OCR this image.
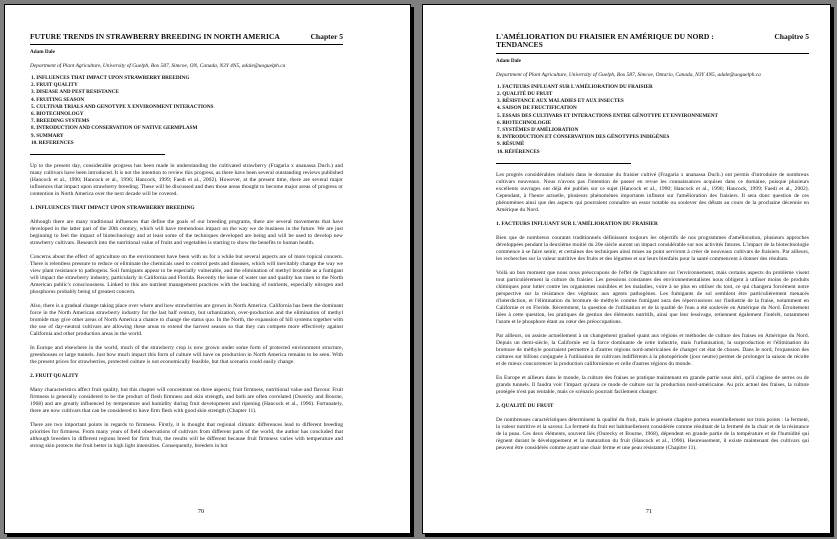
FUTURE TRENDS IN STRAWBERRY BREEDING IN NORTH AMERICA	Chapter 5
Adam Dale
Department of Plant Agriculture, University of Guelph, Box 587, Simcoe, ON, Canada, N3Y 4N5, adale@uoguelph.ca
1. INFLUENCES THAT IMPACT UPON STRAWBERRY BREEDING
2. FRUIT QUALITY
3. DISEASE AND PEST RESISTANCE
4. FRUITING SEASON
5. CULTIVAR TRIALS AND GENOTYPE X ENVIRONMENT INTERACTIONS
6. BIOTECHNOLOGY
7. BREEDING SYSTEMS
8. INTRODUCTION AND CONSERVATION OF NATIVE GERMPLASM
9. SUMMARY
10. REFERENCES

Up to the present day, considerable progress has been made in understanding the cultivated strawberry (Fragaria x ananassa Duch.) and many cultivars have been introduced. It is not the intention to review this progress, as there have been several outstanding reviews published (Hancock et al., 1990; Hancock et al., 1996; Hancock, 1999; Faedi et al., 2002). However, at the present time, there are several major influences that impact upon strawberry breeding. These will be discussed and then those areas thought to become major areas of progress or contention in North America over the next decade will be covered.

1. INFLUENCES THAT IMPACT UPON STRAWBERRY BREEDING

Although there are many traditional influences that define the goals of our breeding programs, there are several movements that have developed in the latter part of the 20th century, which will have tremendous impact on the way we do business in the future. We are just beginning to feel the impact of biotechnology and at least some of the techniques developed are being and will be used to develop new strawberry cultivars. Research into the nutritional value of fruits and vegetables is starting to show the benefits to human health.

Concerns about the effect of agriculture on the environment have been with us for a while but several aspects are of more topical concern. There is relentless pressure to reduce or eliminate the chemicals used to control pests and diseases, which will inevitably change the way we view plant resistance to pathogens. Soil fumigants appear to be especially vulnerable, and the elimination of methyl bromide as a fumigant will impact the strawberry industry, particularly in California and Florida. Recently the issue of water use and quality has risen to the North American public's consciousness. Linked to this are nutrient management practices with the leaching of nutrients, especially nitrogen and phosphorus probably being of greatest concern.

Also, there is a gradual change taking place over where and how strawberries are grown in North America. California has been the dominant force in the North American strawberry industry for the last half century, but urbanization, over-production and the elimination of methyl bromide may give other areas of North America a chance to change the status quo. In the North, the expansion of hill systems together with the use of day-neutral cultivars are allowing these areas to extend the harvest season so that they can compete more effectively against California and other production areas in the world.

In Europe and elsewhere in the world, much of the strawberry crop is now grown under some form of protected environment structure, greenhouses or large tunnels. Just how much impact this form of culture will have on production in North America remains to be seen. With the present prices for strawberries, protected culture is not economically feasible, but that scenario could easily change.

2. FRUIT QUALITY

Many characteristics affect fruit quality, but this chapter will concentrate on three aspects; fruit firmness, nutritional value and flavour. Fruit firmness is generally considered to be the product of flesh firmness and skin strength, and both are often correlated (Ourecky and Bourne, 1968) and are greatly influenced by temperature and humidity during fruit development and ripening (Hancock et al., 1996). Fortunately, there are now cultivars that can be considered to have firm flesh with good skin strength (Chapter 11).

There are two important points in regards to firmness. Firstly, it is thought that regional climatic differences lead to different breeding priorities for firmness. From many years of field observations of cultivars from different parts of the world, the author has concluded that although breeders in different regions breed for firm fruit, the results will be different because fruit firmness varies with temperature and strong skin protects the fruit better in high light intensities. Consequently, breeders in hot

70
L'AMÉLIORATION DU FRAISIER EN AMÉRIQUE DU NORD : TENDANCES
Chapitre 5
Adam Dale
Department of Plant Agriculture, University of Guelph, Box 587, Simcoe, Ontario, Canada, N3Y 4N5, adale@uoguelph.ca
1. FACTEURS INFLUANT SUR L'AMÉLIORATION DU FRAISIER
2. QUALITÉ DU FRUIT
3. RÉSISTANCE AUX MALADIES ET AUX INSECTES
4. SAISON DE FRUCTIFICATION
5. ESSAIS DES CULTIVARS ET INTERACTIONS ENTRE GÉNOTYPE ET ENVIRONNEMENT
6. BIOTECHNOLOGIE
7. SYSTÈMES D'AMÉLIORATION
8. INTRODUCTION ET CONSERVATION DES GÉNOTYPES INDIGÈNES
9. RÉSUMÉ
10. RÉFÉRENCES

Les progrès considérables réalisés dans le domaine du fraisier cultivé (Fragaria x ananassa Duch.) ont permis d'introduire de nombreux cultivars nouveaux. Nous n'avons pas l'intention de passer en revue les connaissances acquises dans ce domaine, puisque plusieurs excellents ouvrages ont déjà été publiés sur ce sujet (Hancock et al., 1990; Hancock et al., 1996; Hancock, 1999; Faedi et al., 2002). Cependant, à l'heure actuelle, plusieurs phénomènes importants influent sur l'amélioration des fraisiers. Il sera donc question de ces phénomènes ainsi que des aspects qui pourraient connaître un essor notable ou soulever des débats au cours de la prochaine décennie en Amérique du Nord.

1. FACTEURS INFLUANT SUR L'AMÉLIORATION DU FRAISIER

Bien que de nombreux courants traditionnels définissent toujours les objectifs de nos programmes d'amélioration, plusieurs approches développées pendant la deuxième moitié du 20e siècle auront un impact considérable sur nos activités futures. L'impact de la biotechnologie commence à se faire sentir, et certaines des techniques ainsi mises au point serviront à créer de nouveaux cultivars de fraisiers. Par ailleurs, les recherches sur la valeur nutritive des fruits et des légumes et sur leurs bienfaits pour la santé commencent à donner des résultats.

Voilà un bon moment que nous nous préoccupons de l'effet de l'agriculture sur l'environnement, mais certains aspects du problème visent tout particulièrement la culture du fraisier. Les pressions constantes des environnementalistes nous obligent à utiliser moins de produits chimiques pour lutter contre les organismes nuisibles et les maladies, voire à ne plus en utiliser du tout, ce qui changera forcément notre perspective sur la résistance des végétaux aux agents pathogènes. Les fumigants de sol semblent être particulièrement menacés d'interdiction, et l'élimination du bromure de méthyle comme fumigant aura des répercussions sur l'industrie de la fraise, notamment en Californie et en Floride. Récemment, la question de l'utilisation et de la qualité de l'eau a été soulevée en Amérique du Nord. Étroitement liées à cette question, les pratiques de gestion des éléments nutritifs, ainsi que leur lessivage, retiennent également l'intérêt, notamment l'azote et le phosphore étant au cœur des préoccupations.

Par ailleurs, on assiste actuellement à un changement graduel quant aux régions et méthodes de culture des fraises en Amérique du Nord. Depuis un demi-siècle, la Californie est la force dominante de cette industrie, mais l'urbanisation, la surproduction et l'élimination du bromure de méthyle pourraient permettre à d'autres régions nord-américaines de changer cet état de choses. Dans le nord, l'expansion des cultures sur billons conjuguée à l'utilisation de cultivars indifférents à la photopériode (jour neutre) permet de prolonger la saison de récolte et de mieux concurrencer la production californienne et celle d'autres régions du monde.

En Europe et ailleurs dans le monde, la culture des fraises se pratique maintenant en grande partie sous abri, qu'il s'agisse de serres ou de grands tunnels. Il faudra voir l'impact qu'aura ce mode de culture sur la production nord-américaine. Au prix actuel des fraises, la culture protégée n'est pas rentable, mais ce scénario pourrait facilement changer.

2. QUALITÉ DU FRUIT

De nombreuses caractéristiques déterminent la qualité du fruit, mais le présent chapitre portera essentiellement sur trois points : la fermeté, la valeur nutritive et la saveur. La fermeté du fruit est habituellement considérée comme résultant de la fermeté de la chair et de la résistance de la peau. Ces deux éléments, souvent liés (Ourecky et Bourne, 1968), dépendent en grande partie de la température et de l'humidité qui règnent durant le développement et la maturation du fruit (Hancock et al., 1996). Heureusement, il existe maintenant des cultivars qui peuvent être considérés comme ayant une chair ferme et une peau résistante (Chapitre 11).

71
